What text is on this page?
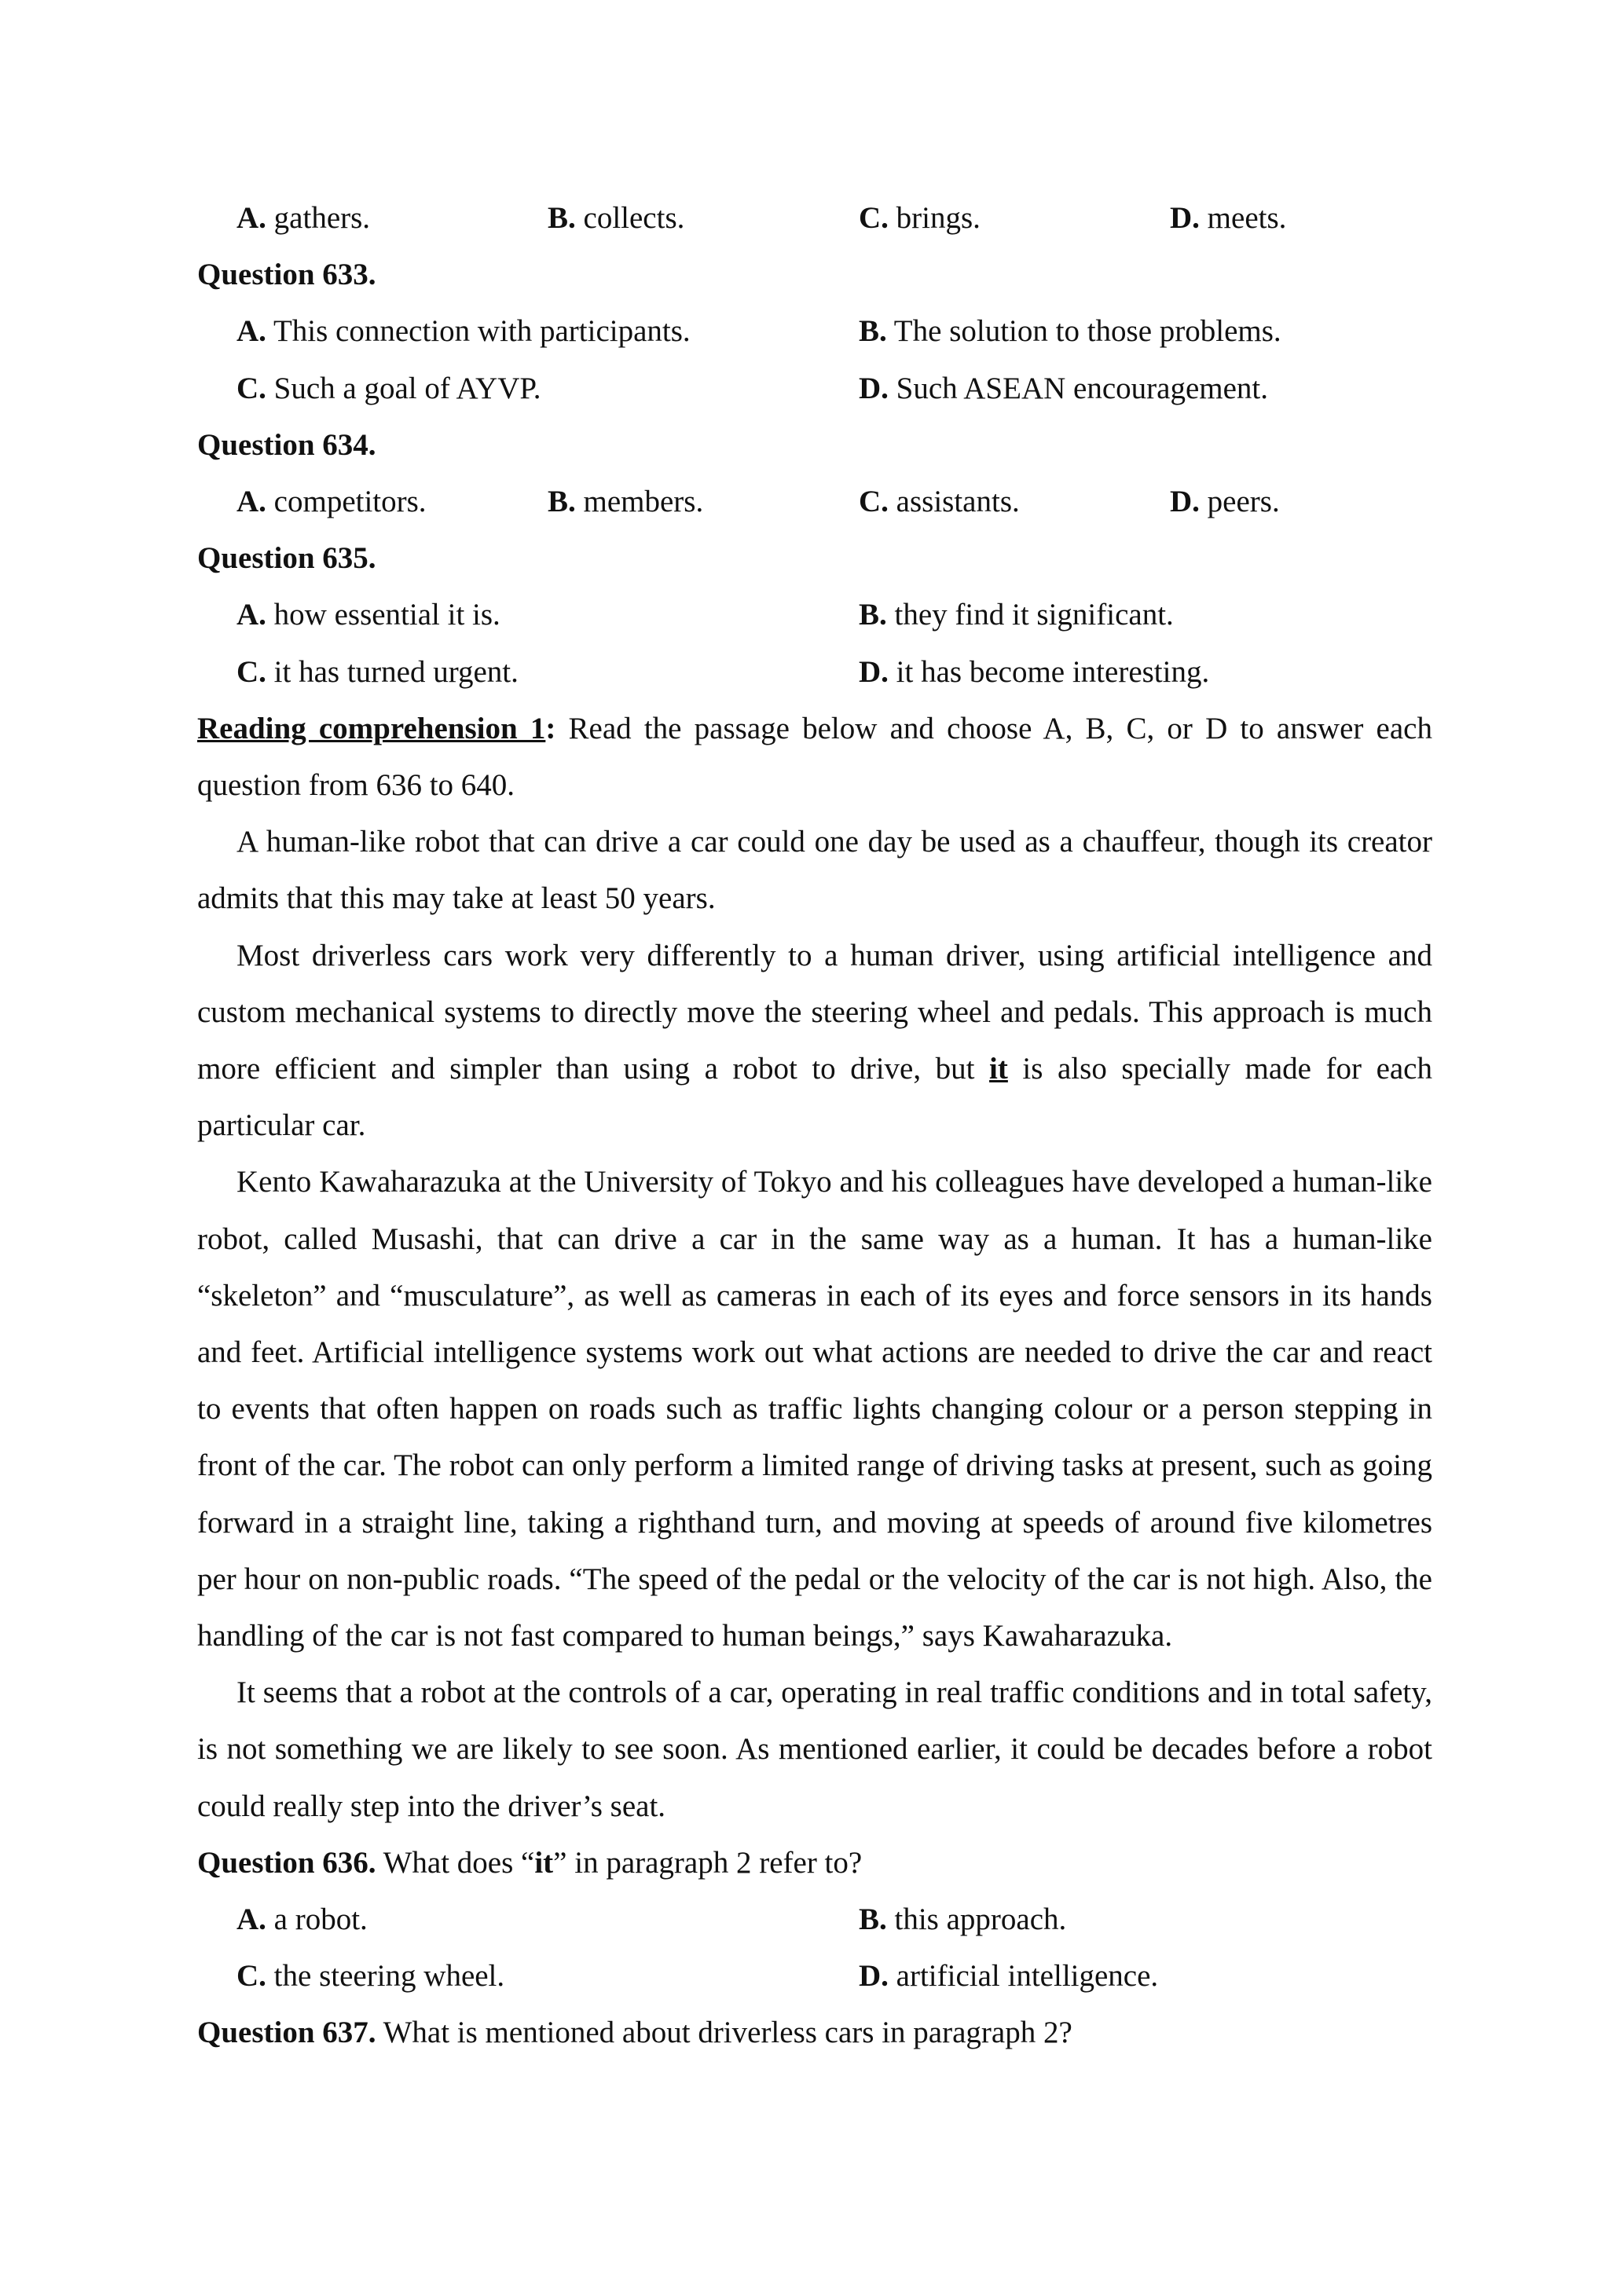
A. gathers.	B. collects.	C. brings.	D. meets.
Question 633.
A. This connection with participants.	B. The solution to those problems.
C. Such a goal of AYVP.	D. Such ASEAN encouragement.
Question 634.
A. competitors.	B. members.	C. assistants.	D. peers.
Question 635.
A. how essential it is.	B. they find it significant.
C. it has turned urgent.	D. it has become interesting.

Reading comprehension 1: Read the passage below and choose A, B, C, or D to answer each question from 636 to 640.

A human-like robot that can drive a car could one day be used as a chauffeur, though its creator admits that this may take at least 50 years.

Most driverless cars work very differently to a human driver, using artificial intelligence and custom mechanical systems to directly move the steering wheel and pedals. This approach is much more efficient and simpler than using a robot to drive, but it is also specially made for each particular car.

Kento Kawaharazuka at the University of Tokyo and his colleagues have developed a human-like robot, called Musashi, that can drive a car in the same way as a human. It has a human-like “skeleton” and “musculature”, as well as cameras in each of its eyes and force sensors in its hands and feet. Artificial intelligence systems work out what actions are needed to drive the car and react to events that often happen on roads such as traffic lights changing colour or a person stepping in front of the car. The robot can only perform a limited range of driving tasks at present, such as going forward in a straight line, taking a righthand turn, and moving at speeds of around five kilometres per hour on non-public roads. “The speed of the pedal or the velocity of the car is not high. Also, the handling of the car is not fast compared to human beings,” says Kawaharazuka.

It seems that a robot at the controls of a car, operating in real traffic conditions and in total safety, is not something we are likely to see soon. As mentioned earlier, it could be decades before a robot could really step into the driver’s seat.

Question 636. What does “it” in paragraph 2 refer to?
A. a robot.	B. this approach.
C. the steering wheel.	D. artificial intelligence.
Question 637. What is mentioned about driverless cars in paragraph 2?
